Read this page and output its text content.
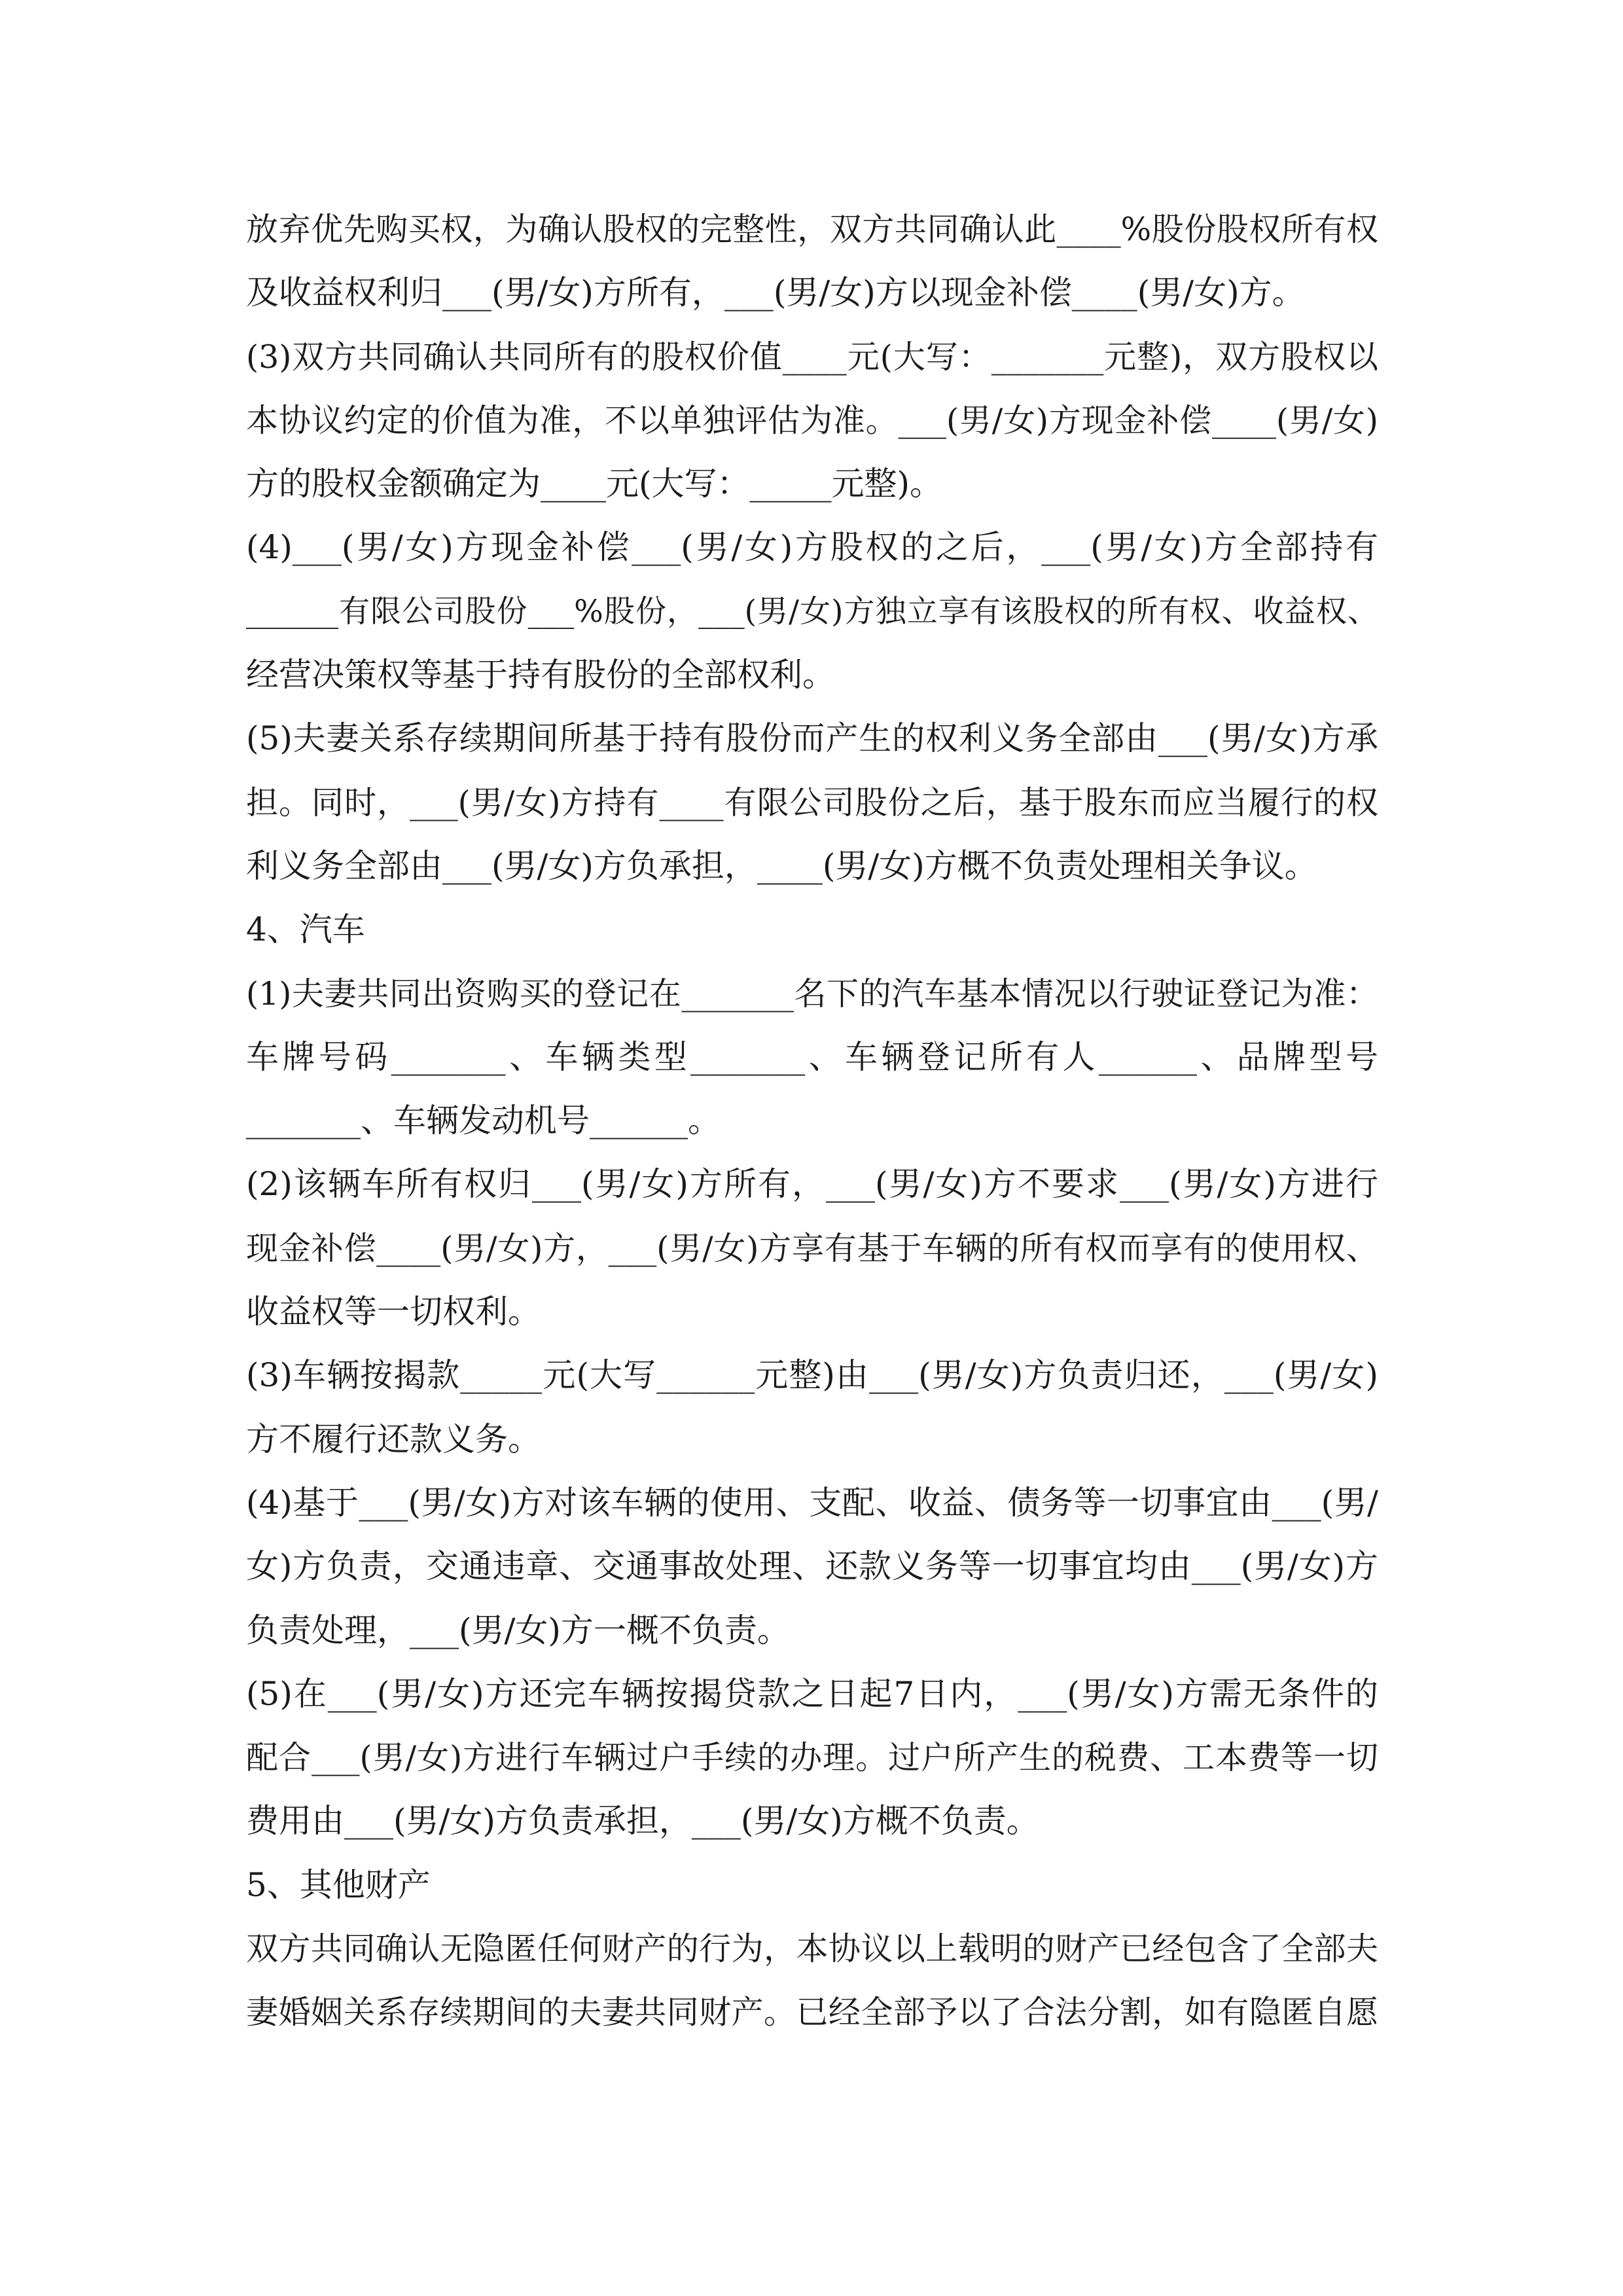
放弃优先购买权，为确认股权的完整性，双方共同确认此____%股份股权所有权
及收益权利归___(男/女)方所有，___(男/女)方以现金补偿____(男/女)方。
(3)双方共同确认共同所有的股权价值____元(大写：_______元整)，双方股权以
本协议约定的价值为准，不以单独评估为准。___(男/女)方现金补偿____(男/女)
方的股权金额确定为____元(大写：_____元整)。
(4)___(男/女)方现金补偿___(男/女)方股权的之后，___(男/女)方全部持有
______有限公司股份___%股份，___(男/女)方独立享有该股权的所有权、收益权、
经营决策权等基于持有股份的全部权利。
(5)夫妻关系存续期间所基于持有股份而产生的权利义务全部由___(男/女)方承
担。同时，___(男/女)方持有____有限公司股份之后，基于股东而应当履行的权
利义务全部由___(男/女)方负承担，____(男/女)方概不负责处理相关争议。
4、汽车
(1)夫妻共同出资购买的登记在_______名下的汽车基本情况以行驶证登记为准：
车牌号码_______、车辆类型_______、车辆登记所有人______、品牌型号
_______、车辆发动机号______。
(2)该辆车所有权归___(男/女)方所有，___(男/女)方不要求___(男/女)方进行
现金补偿____(男/女)方，___(男/女)方享有基于车辆的所有权而享有的使用权、
收益权等一切权利。
(3)车辆按揭款_____元(大写______元整)由___(男/女)方负责归还，___(男/女)
方不履行还款义务。
(4)基于___(男/女)方对该车辆的使用、支配、收益、债务等一切事宜由___(男/
女)方负责，交通违章、交通事故处理、还款义务等一切事宜均由___(男/女)方
负责处理，___(男/女)方一概不负责。
(5)在___(男/女)方还完车辆按揭贷款之日起7日内，___(男/女)方需无条件的
配合___(男/女)方进行车辆过户手续的办理。过户所产生的税费、工本费等一切
费用由___(男/女)方负责承担，___(男/女)方概不负责。
5、其他财产
双方共同确认无隐匿任何财产的行为，本协议以上载明的财产已经包含了全部夫
妻婚姻关系存续期间的夫妻共同财产。已经全部予以了合法分割，如有隐匿自愿
